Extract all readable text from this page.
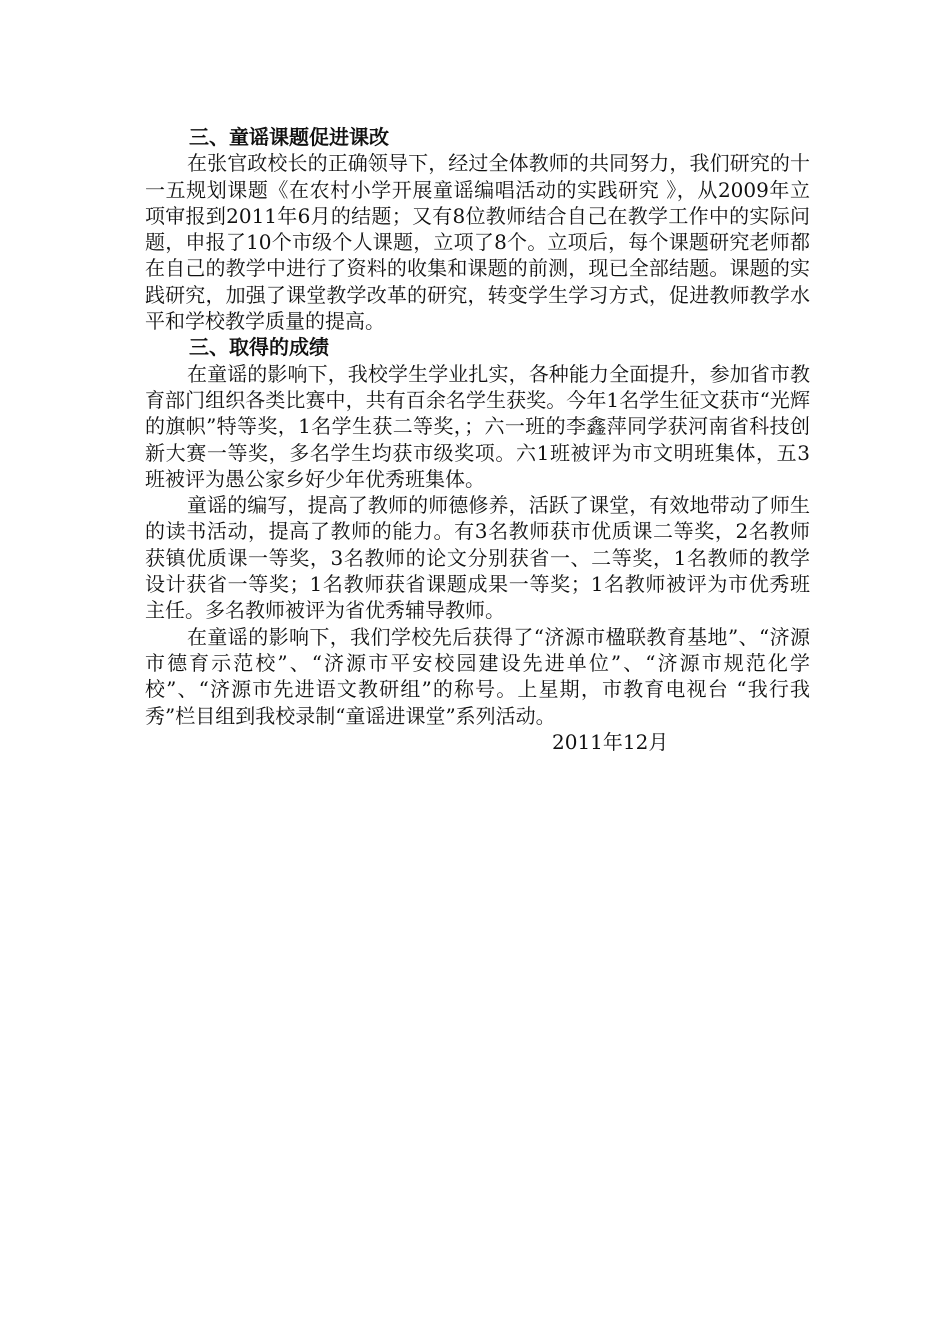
三、童谣课题促进课改

在张官政校长的正确领导下，经过全体教师的共同努力，我们研究的十一五规划课题《在农村小学开展童谣编唱活动的实践研究 》，从2009年立项审报到2011年6月的结题；又有8位教师结合自己在教学工作中的实际问题，申报了10个市级个人课题，立项了8个。立项后，每个课题研究老师都在自己的教学中进行了资料的收集和课题的前测，现已全部结题。课题的实践研究，加强了课堂教学改革的研究，转变学生学习方式，促进教师教学水平和学校教学质量的提高。

三、取得的成绩

在童谣的影响下，我校学生学业扎实，各种能力全面提升，参加省市教育部门组织各类比赛中，共有百余名学生获奖。今年1名学生征文获市“光辉的旗帜”特等奖，1名学生获二等奖，；六一班的李鑫萍同学获河南省科技创新大赛一等奖，多名学生均获市级奖项。六1班被评为市文明班集体，五3班被评为愚公家乡好少年优秀班集体。

童谣的编写，提高了教师的师德修养，活跃了课堂，有效地带动了师生的读书活动，提高了教师的能力。有3名教师获市优质课二等奖，2名教师获镇优质课一等奖，3名教师的论文分别获省一、二等奖，1名教师的教学设计获省一等奖；1名教师获省课题成果一等奖；1名教师被评为市优秀班主任。多名教师被评为省优秀辅导教师。

在童谣的影响下，我们学校先后获得了“济源市楹联教育基地”、“济源市德育示范校”、“济源市平安校园建设先进单位”、“济源市规范化学校”、“济源市先进语文教研组”的称号。上星期，市教育电视台 “我行我秀”栏目组到我校录制“童谣进课堂”系列活动。

2011年12月
